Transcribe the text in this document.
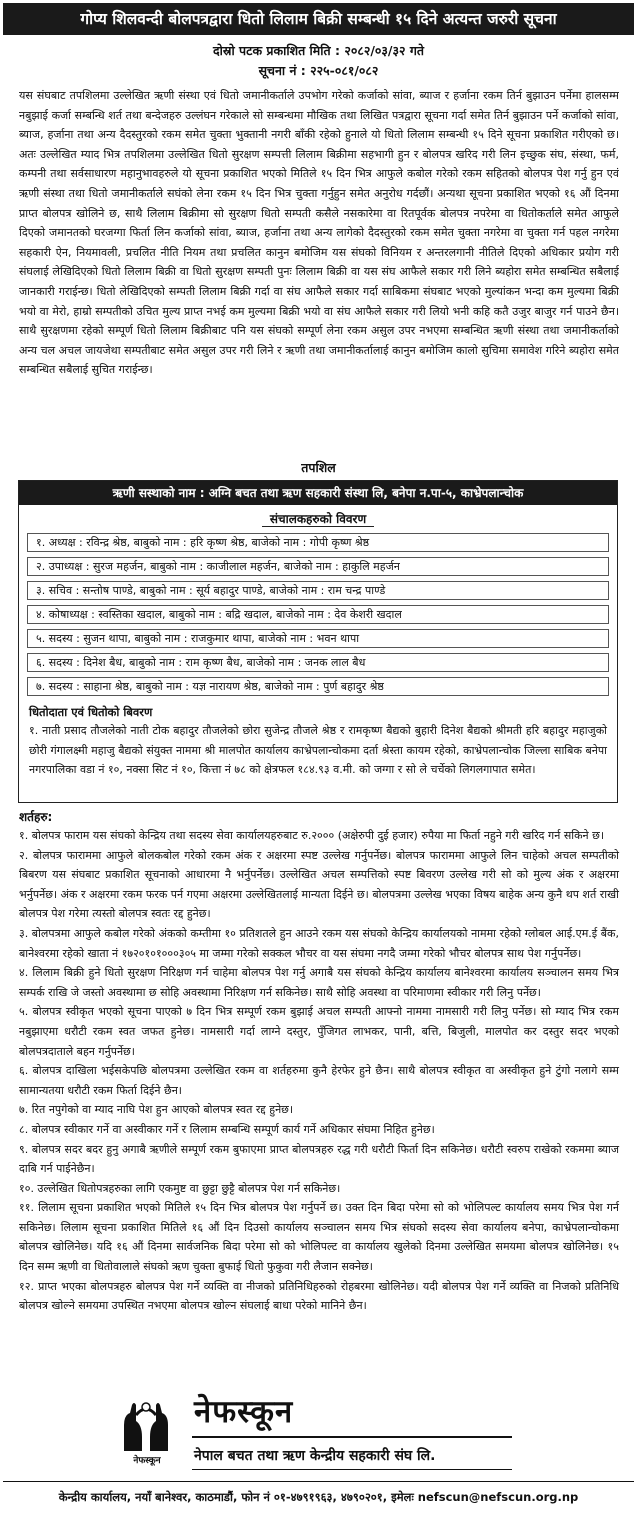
गोप्य शिलवन्दी बोलपत्रद्वारा धितो लिलाम बिक्री सम्बन्धी १५ दिने अत्यन्त जरुरी सूचना
दोस्रो पटक प्रकाशित मिति : २०८२/०३/३२ गते
सूचना नं : २२५-०८१/०८२
यस संघबाट तपशिलमा उल्लेखित ऋणी संस्था एवं धितो जमानीकर्ताले उपभोग गरेको कर्जाको सांवा, ब्याज र हर्जाना रकम तिर्न बुझाउन पर्नेमा हालसम्म नबुझाई कर्जा सम्बन्धि शर्त तथा बन्देजहरु उल्लंघन गरेकाले सो सम्बन्धमा मौखिक तथा लिखित पत्रद्वारा सूचना गर्दा समेत तिर्न बुझाउन पर्ने कर्जाको सांवा, ब्याज, हर्जाना तथा अन्य दैदस्तुरको रकम समेत चुक्ता भुक्तानी नगरी बाँकी रहेको हुनाले यो धितो लिलाम सम्बन्धी १५ दिने सूचना प्रकाशित गरीएको छ। अतः उल्लेखित म्याद भित्र तपशिलमा उल्लेखित धितो सुरक्षण सम्पत्ती लिलाम बिक्रीमा सहभागी हुन र बोलपत्र खरिद गरी लिन इच्छुक संघ, संस्था, फर्म, कम्पनी तथा सर्वसाधारण महानुभावहरुले यो सूचना प्रकाशित भएको मितिले १५ दिन भित्र आफुले कबोल गरेको रकम सहितको बोलपत्र पेश गर्नु हुन एवं ऋणी संस्था तथा धितो जमानीकर्ताले सघंको लेना रकम १५ दिन भित्र चुक्ता गर्नुहुन समेत अनुरोध गर्दछौं। अन्यथा सूचना प्रकाशित भएको १६ औं दिनमा प्राप्त बोलपत्र खोलिने छ, साथै लिलाम बिक्रीमा सो सुरक्षण धितो सम्पती कसैले नसकारेमा वा रितपूर्वक बोलपत्र नपरेमा वा धितोकर्ताले समेत आफुले दिएको जमानतको घरजग्गा फिर्ता लिन कर्जाको सांवा, ब्याज, हर्जाना तथा अन्य लागेको दैदस्तुरको रकम समेत चुक्ता नगरेमा वा चुक्ता गर्न पहल नगरेमा सहकारी ऐन, नियमावली, प्रचलित नीति नियम तथा प्रचलित कानुन बमोजिम यस संघको विनियम र अन्तरलगानी नीतिले दिएको अधिकार प्रयोग गरी संघलाई लेखिदिएको धितो लिलाम बिक्री वा धितो सुरक्षण सम्पती पुनः लिलाम बिक्री वा यस संघ आफैले सकार गरी लिने ब्यहोरा समेत सम्बन्धित सबैलाई जानकारी गराईन्छ। धितो लेखिदिएको सम्पती लिलाम बिक्री गर्दा वा संघ आफैले सकार गर्दा साबिकमा संघबाट भएको मुल्यांकन भन्दा कम मुल्यमा बिक्री भयो वा मेरो, हाम्रो सम्पतीको उचित मुल्य प्राप्त नभई कम मुल्यमा बिक्री भयो वा संघ आफैले सकार गरी लियो भनी कहि कतै उजुर बाजुर गर्न पाउने छैन। साथै सुरक्षणमा रहेको सम्पूर्ण धितो लिलाम बिक्रीबाट पनि यस संघको सम्पूर्ण लेना रकम असुल उपर नभएमा सम्बन्धित ऋणी संस्था तथा जमानीकर्ताको अन्य चल अचल जायजेथा सम्पतीबाट समेत असुल उपर गरी लिने र ऋणी तथा जमानीकर्तालाई कानुन बमोजिम कालो सुचिमा समावेश गरिने ब्यहोरा समेत सम्बन्धित सबैलाई सुचित गराईन्छ।
तपशिल
ऋणी सस्थाको नाम : अग्नि बचत तथा ऋण सहकारी संस्था लि, बनेपा न.पा-५, काभ्रेपलान्चोक
संचालकहरुको विवरण
१. अध्यक्ष : रविन्द्र श्रेष्ठ, बाबुको नाम : हरि कृष्ण श्रेष्ठ, बाजेको नाम : गोपी कृष्ण श्रेष्ठ
२. उपाध्यक्ष : सुरज महर्जन, बाबुको नाम : काजीलाल महर्जन, बाजेको नाम : हाकुलि महर्जन
३. सचिव : सन्तोष पाण्डे, बाबुको नाम : सूर्य बहादुर पाण्डे, बाजेको नाम : राम चन्द्र पाण्डे
४. कोषाध्यक्ष : स्वस्तिका खदाल, बाबुको नाम : बद्रि खदाल, बाजेको नाम : देव केशरी खदाल
५. सदस्य : सुजन थापा, बाबुको नाम : राजकुमार थापा, बाजेको नाम : भवन थापा
६. सदस्य : दिनेश बैध, बाबुको नाम : राम कृष्ण बैध, बाजेको नाम : जनक लाल बैध
७. सदस्य : साहाना श्रेष्ठ, बाबुको नाम : यज्ञ नारायण श्रेष्ठ, बाजेको नाम : पुर्ण बहादुर श्रेष्ठ
धितोदाता एवं धितोको बिवरण
१. नाती प्रसाद तौजलेको नाती टोक बहादुर तौजलेको छोरा सुजेन्द्र तौजले श्रेष्ठ र रामकृष्ण बैद्यको बुहारी दिनेश बैद्यको श्रीमती हरि बहादुर महाजुको छोरी गंगालक्ष्मी महाजु बैद्यको संयुक्त नाममा श्री मालपोत कार्यालय काभ्रेपलान्चोकमा दर्ता श्रेस्ता कायम रहेको, काभ्रेपलान्चोक जिल्ला साबिक बनेपा नगरपालिका वडा नं १०, नक्सा सिट नं १०, कित्ता नं ७८ को क्षेत्रफल १८४.९३ व.मी. को जग्गा र सो ले चर्चेको लिगलगापात समेत।
शर्तहरु:

१. बोलपत्र फाराम यस संघको केन्द्रिय तथा सदस्य सेवा कार्यालयहरुबाट रु.२००० (अक्षेरुपी दुई हजार) रुपैया मा फिर्ता नहुने गरी खरिद गर्न सकिने छ।

२. बोलपत्र फाराममा आफुले बोलकबोल गरेको रकम अंक र अक्षरमा स्पष्ट उल्लेख गर्नुपर्नेछ। बोलपत्र फाराममा आफुले लिन चाहेको अचल सम्पतीको बिबरण यस संघबाट प्रकाशित सूचनाको आधारमा नै भर्नुपर्नेछ। उल्लेखित अचल सम्पत्तिको स्पष्ट बिवरण उल्लेख गरी सो को मुल्य अंक र अक्षरमा भर्नुपर्नेछ। अंक र अक्षरमा रकम फरक पर्न गएमा अक्षरमा उल्लेखितलाई मान्यता दिईने छ। बोलपत्रमा उल्लेख भएका विषय बाहेक अन्य कुनै थप शर्त राखी बोलपत्र पेश गरेमा त्यस्तो बोलपत्र स्वतः रद्द हुनेछ।

३. बोलपत्रमा आफुले कबोल गरेको अंकको कम्तीमा १० प्रतिशतले हुन आउने रकम यस संघको केन्द्रिय कार्यालयको नाममा रहेको ग्लोबल आई.एम.ई बैंक, बानेश्वरमा रहेको खाता नं १७२०१०१०००३०५ मा जम्मा गरेको सक्कल भौचर वा यस संघमा नगदै जम्मा गरेको भौचर बोलपत्र साथ पेश गर्नुपर्नेछ।

४. लिलाम बिक्री हुने धितो सुरक्षण निरिक्षण गर्न चाहेमा बोलपत्र पेश गर्नु अगाबै यस संघको केन्द्रिय कार्यालय बानेश्वरमा कार्यालय सञ्चालन समय भित्र सम्पर्क राखि जे जस्तो अवस्थामा छ सोहि अवस्थामा निरिक्षण गर्न सकिनेछ। साथै सोहि अवस्था वा परिमाणमा स्वीकार गरी लिनु पर्नेछ।

५. बोलपत्र स्वीकृत भएको सूचना पाएको ७ दिन भित्र सम्पूर्ण रकम बुझाई अचल सम्पती आफ्नो नाममा नामसारी गरी लिनु पर्नेछ। सो म्याद भित्र रकम नबुझाएमा धरौटी रकम स्वत जफत हुनेछ। नामसारी गर्दा लाग्ने दस्तुर, पुँजिगत लाभकर, पानी, बत्ति, बिजुली, मालपोत कर दस्तुर सदर भएको बोलपत्रदाताले बहन गर्नुपर्नेछ।

६. बोलपत्र दाखिला भईसकेपछि बोलपत्रमा उल्लेखित रकम वा शर्तहरुमा कुनै हेरफेर हुने छैन। साथै बोलपत्र स्वीकृत वा अस्वीकृत हुने टुंगो नलागे सम्म सामान्यतया धरौटी रकम फिर्ता दिईने छैन।

७. रित नपुगेको वा म्याद नाघि पेश हुन आएको बोलपत्र स्वत रद्द हुनेछ।

८. बोलपत्र स्वीकार गर्ने वा अस्वीकार गर्ने र लिलाम सम्बन्धि सम्पूर्ण कार्य गर्ने अधिकार संघमा निहित हुनेछ।

९. बोलपत्र सदर बदर हुनु अगाबै ऋणीले सम्पूर्ण रकम बुफाएमा प्राप्त बोलपत्रहरु रद्ध गरी धरौटी फिर्ता दिन सकिनेछ। धरौटी स्वरुप राखेको रकममा ब्याज दाबि गर्न पाईनेछैन।

१०. उल्लेखित धितोपत्रहरुका लागि एकमुष्ट वा छुट्टा छुट्टै बोलपत्र पेश गर्न सकिनेछ।

११. लिलाम सूचना प्रकाशित भएको मितिले १५ दिन भित्र बोलपत्र पेश गर्नुपर्ने छ। उक्त दिन बिदा परेमा सो को भोलिपल्ट कार्यालय समय भित्र पेश गर्न सकिनेछ। लिलाम सूचना प्रकाशित मितिले १६ औं दिन दिउसो कार्यालय सञ्चालन समय भित्र संघको सदस्य सेवा कार्यालय बनेपा, काभ्रेपलान्चोकमा बोलपत्र खोलिनेछ। यदि १६ औं दिनमा सार्वजनिक बिदा परेमा सो को भोलिपल्ट वा कार्यालय खुलेको दिनमा उल्लेखित समयमा बोलपत्र खोलिनेछ। १५ दिन सम्म ऋणी वा धितोवालाले संघको ऋण चुक्ता बुफाई धितो फुकुवा गरी लैजान सक्नेछ।

१२. प्राप्त भएका बोलपत्रहरु बोलपत्र पेश गर्ने व्यक्ति वा नीजको प्रतिनिधिहरुको रोहबरमा खोलिनेछ। यदी बोलपत्र पेश गर्ने व्यक्ति वा निजको प्रतिनिधि बोलपत्र खोल्ने समयमा उपस्थित नभएमा बोलपत्र खोल्न संघलाई बाधा परेको मानिने छैन।

नेफस्कून
नेफस्कून
नेपाल बचत तथा ऋण केन्द्रीय सहकारी संघ लि.
केन्द्रीय कार्यालय, नयाँ बानेश्वर, काठमाडौं, फोन नं ०१-४७९१९६३, ४७९०२०१, इमेलः nefscun@nefscun.org.np
